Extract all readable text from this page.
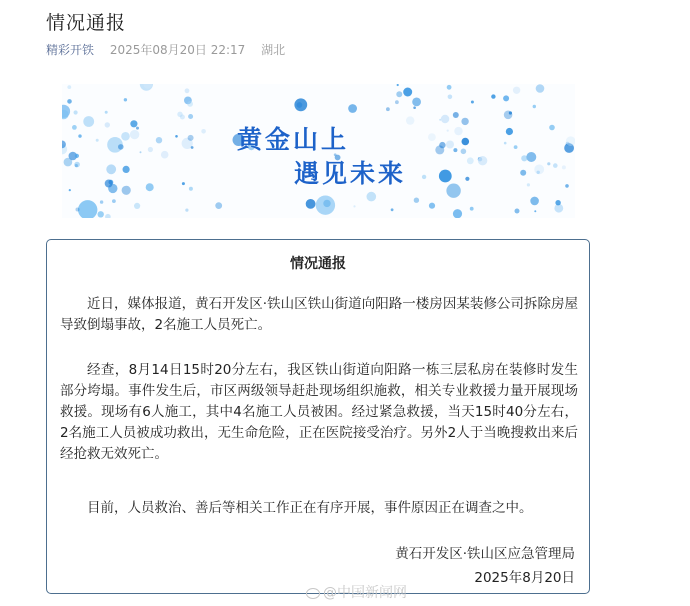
情况通报
精彩开铁 2025年08月20日 22:17 湖北
黄金山上
遇见未来
情况通报

近日，媒体报道，黄石开发区·铁山区铁山街道向阳路一楼房因某装修公司拆除房屋导致倒塌事故，2名施工人员死亡。

经查，8月14日15时20分左右，我区铁山街道向阳路一栋三层私房在装修时发生部分垮塌。事件发生后，市区两级领导赶赴现场组织施救，相关专业救援力量开展现场救援。现场有6人施工，其中4名施工人员被困。经过紧急救援，当天15时40分左右，2名施工人员被成功救出，无生命危险，正在医院接受治疗。另外2人于当晚搜救出来后经抢救无效死亡。

目前，人员救治、善后等相关工作正在有序开展，事件原因正在调查之中。

黄石开发区·铁山区应急管理局
2025年8月20日
@中国新闻网
